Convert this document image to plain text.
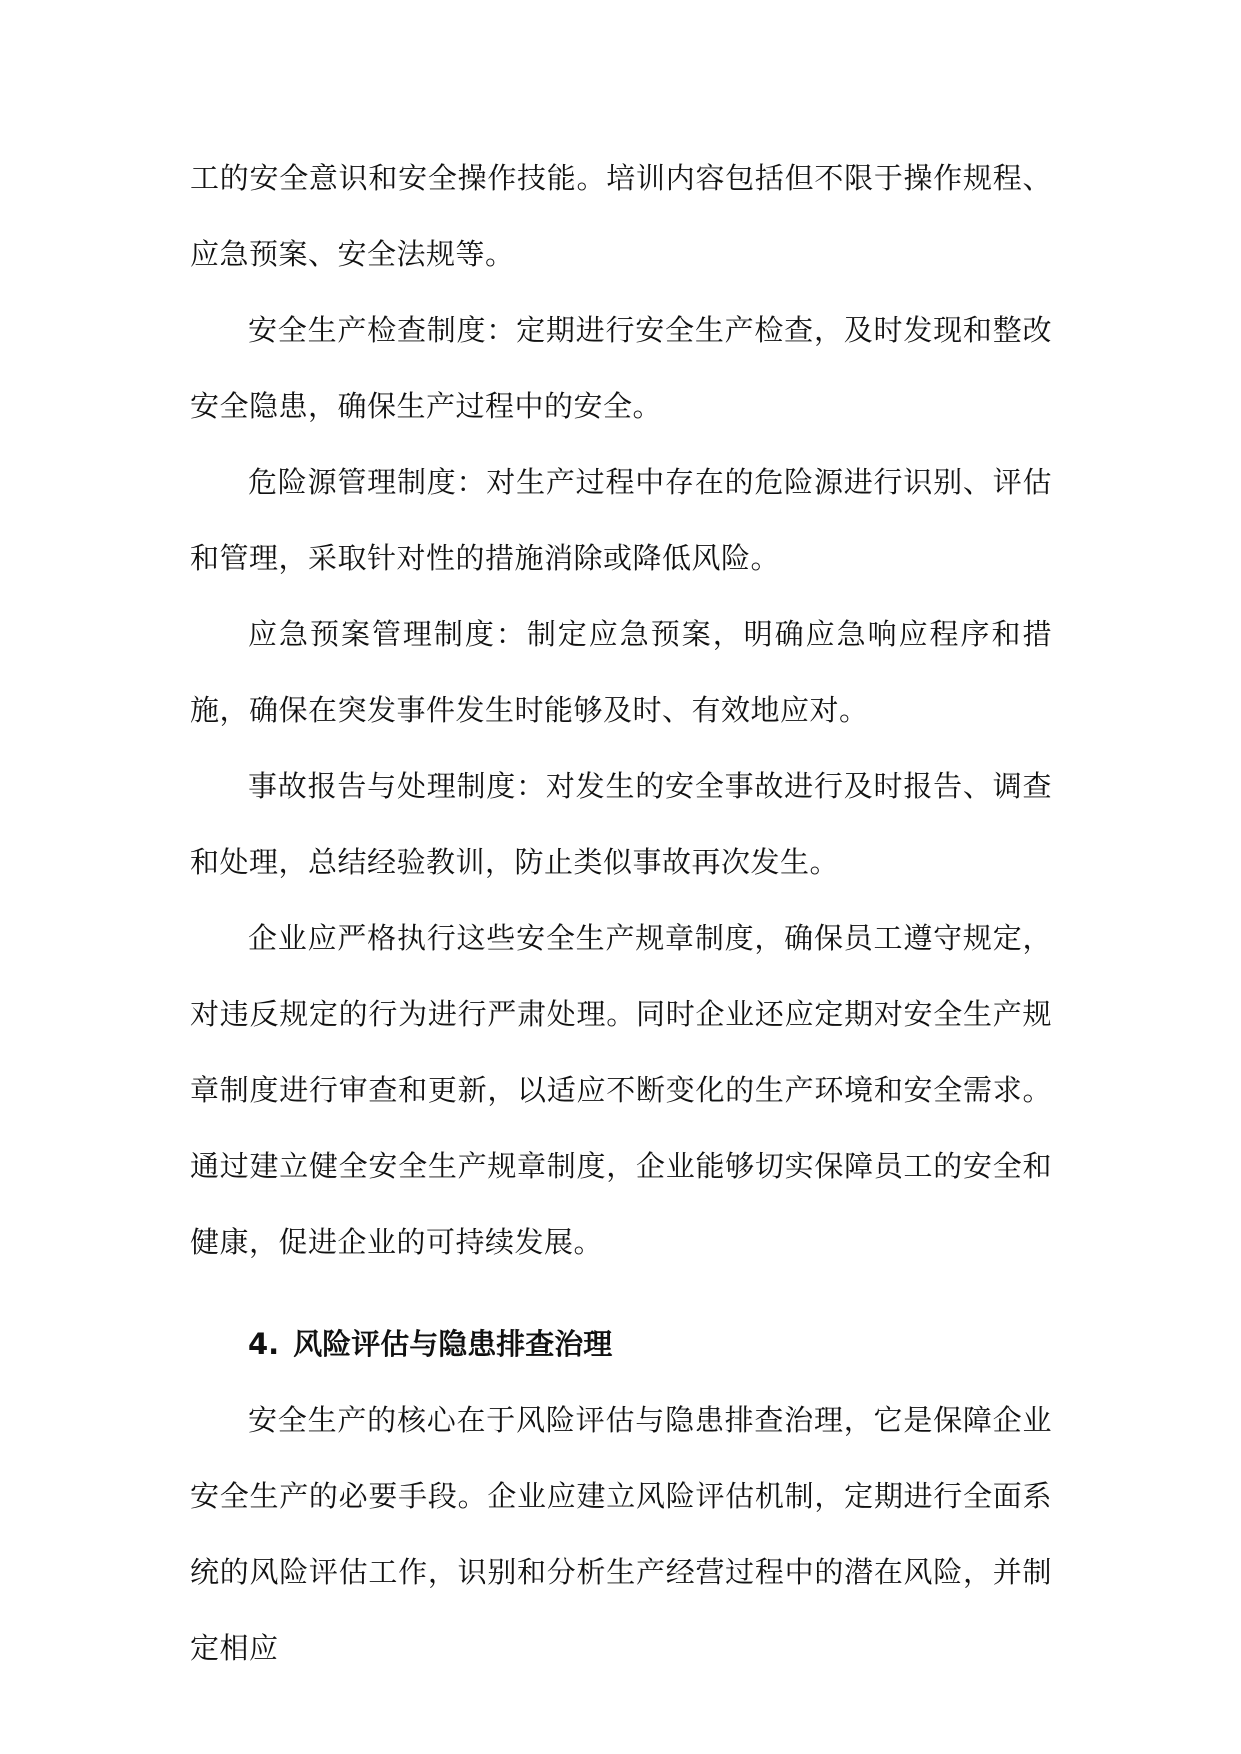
工的安全意识和安全操作技能。培训内容包括但不限于操作规程、应急预案、安全法规等。

安全生产检查制度：定期进行安全生产检查，及时发现和整改安全隐患，确保生产过程中的安全。

危险源管理制度：对生产过程中存在的危险源进行识别、评估和管理，采取针对性的措施消除或降低风险。

应急预案管理制度：制定应急预案，明确应急响应程序和措施，确保在突发事件发生时能够及时、有效地应对。

事故报告与处理制度：对发生的安全事故进行及时报告、调查和处理，总结经验教训，防止类似事故再次发生。

企业应严格执行这些安全生产规章制度，确保员工遵守规定，对违反规定的行为进行严肃处理。同时企业还应定期对安全生产规章制度进行审查和更新，以适应不断变化的生产环境和安全需求。通过建立健全安全生产规章制度，企业能够切实保障员工的安全和健康，促进企业的可持续发展。

4. 风险评估与隐患排查治理

安全生产的核心在于风险评估与隐患排查治理，它是保障企业安全生产的必要手段。企业应建立风险评估机制，定期进行全面系统的风险评估工作，识别和分析生产经营过程中的潜在风险，并制定相应
